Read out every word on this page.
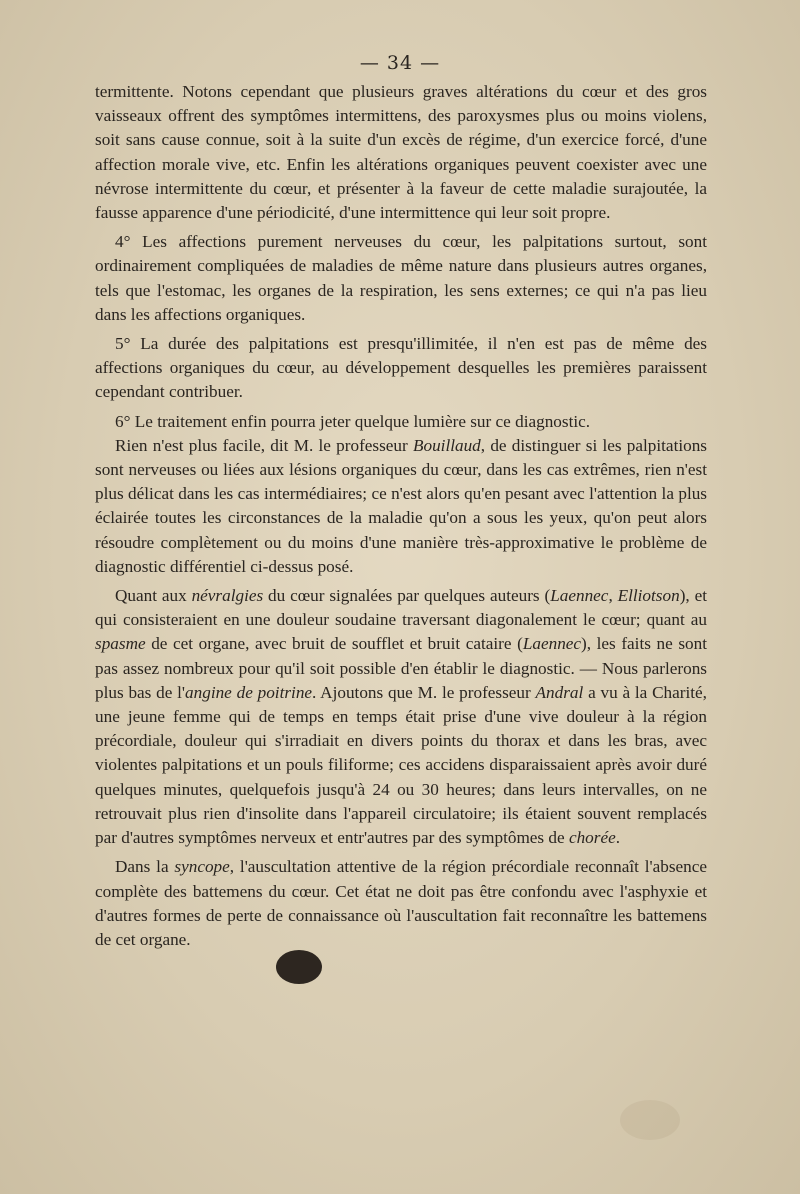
— 34 —

termittente. Notons cependant que plusieurs graves altérations du cœur et des gros vaisseaux offrent des symptômes intermittens, des paroxysmes plus ou moins violens, soit sans cause connue, soit à la suite d'un excès de régime, d'un exercice forcé, d'une affection morale vive, etc. Enfin les altérations organiques peuvent coexister avec une névrose intermittente du cœur, et présenter à la faveur de cette maladie surajoutée, la fausse apparence d'une périodicité, d'une intermittence qui leur soit propre.

4° Les affections purement nerveuses du cœur, les palpitations surtout, sont ordinairement compliquées de maladies de même nature dans plusieurs autres organes, tels que l'estomac, les organes de la respiration, les sens externes; ce qui n'a pas lieu dans les affections organiques.

5° La durée des palpitations est presqu'illimitée, il n'en est pas de même des affections organiques du cœur, au développement desquelles les premières paraissent cependant contribuer.

6° Le traitement enfin pourra jeter quelque lumière sur ce diagnostic.

Rien n'est plus facile, dit M. le professeur Bouillaud, de distinguer si les palpitations sont nerveuses ou liées aux lésions organiques du cœur, dans les cas extrêmes, rien n'est plus délicat dans les cas intermédiaires; ce n'est alors qu'en pesant avec l'attention la plus éclairée toutes les circonstances de la maladie qu'on a sous les yeux, qu'on peut alors résoudre complètement ou du moins d'une manière très-approximative le problème de diagnostic différentiel ci-dessus posé.

Quant aux névralgies du cœur signalées par quelques auteurs (Laennec, Elliotson), et qui consisteraient en une douleur soudaine traversant diagonalement le cœur; quant au spasme de cet organe, avec bruit de soufflet et bruit cataire (Laennec), les faits ne sont pas assez nombreux pour qu'il soit possible d'en établir le diagnostic. — Nous parlerons plus bas de l'angine de poitrine. Ajoutons que M. le professeur Andral a vu à la Charité, une jeune femme qui de temps en temps était prise d'une vive douleur à la région précordiale, douleur qui s'irradiait en divers points du thorax et dans les bras, avec violentes palpitations et un pouls filiforme; ces accidens disparaissaient après avoir duré quelques minutes, quelquefois jusqu'à 24 ou 30 heures; dans leurs intervalles, on ne retrouvait plus rien d'insolite dans l'appareil circulatoire; ils étaient souvent remplacés par d'autres symptômes nerveux et entr'autres par des symptômes de chorée.

Dans la syncope, l'auscultation attentive de la région précordiale reconnaît l'absence complète des battemens du cœur. Cet état ne doit pas être confondu avec l'asphyxie et d'autres formes de perte de connaissance où l'auscultation fait reconnaître les battemens de cet organe.
